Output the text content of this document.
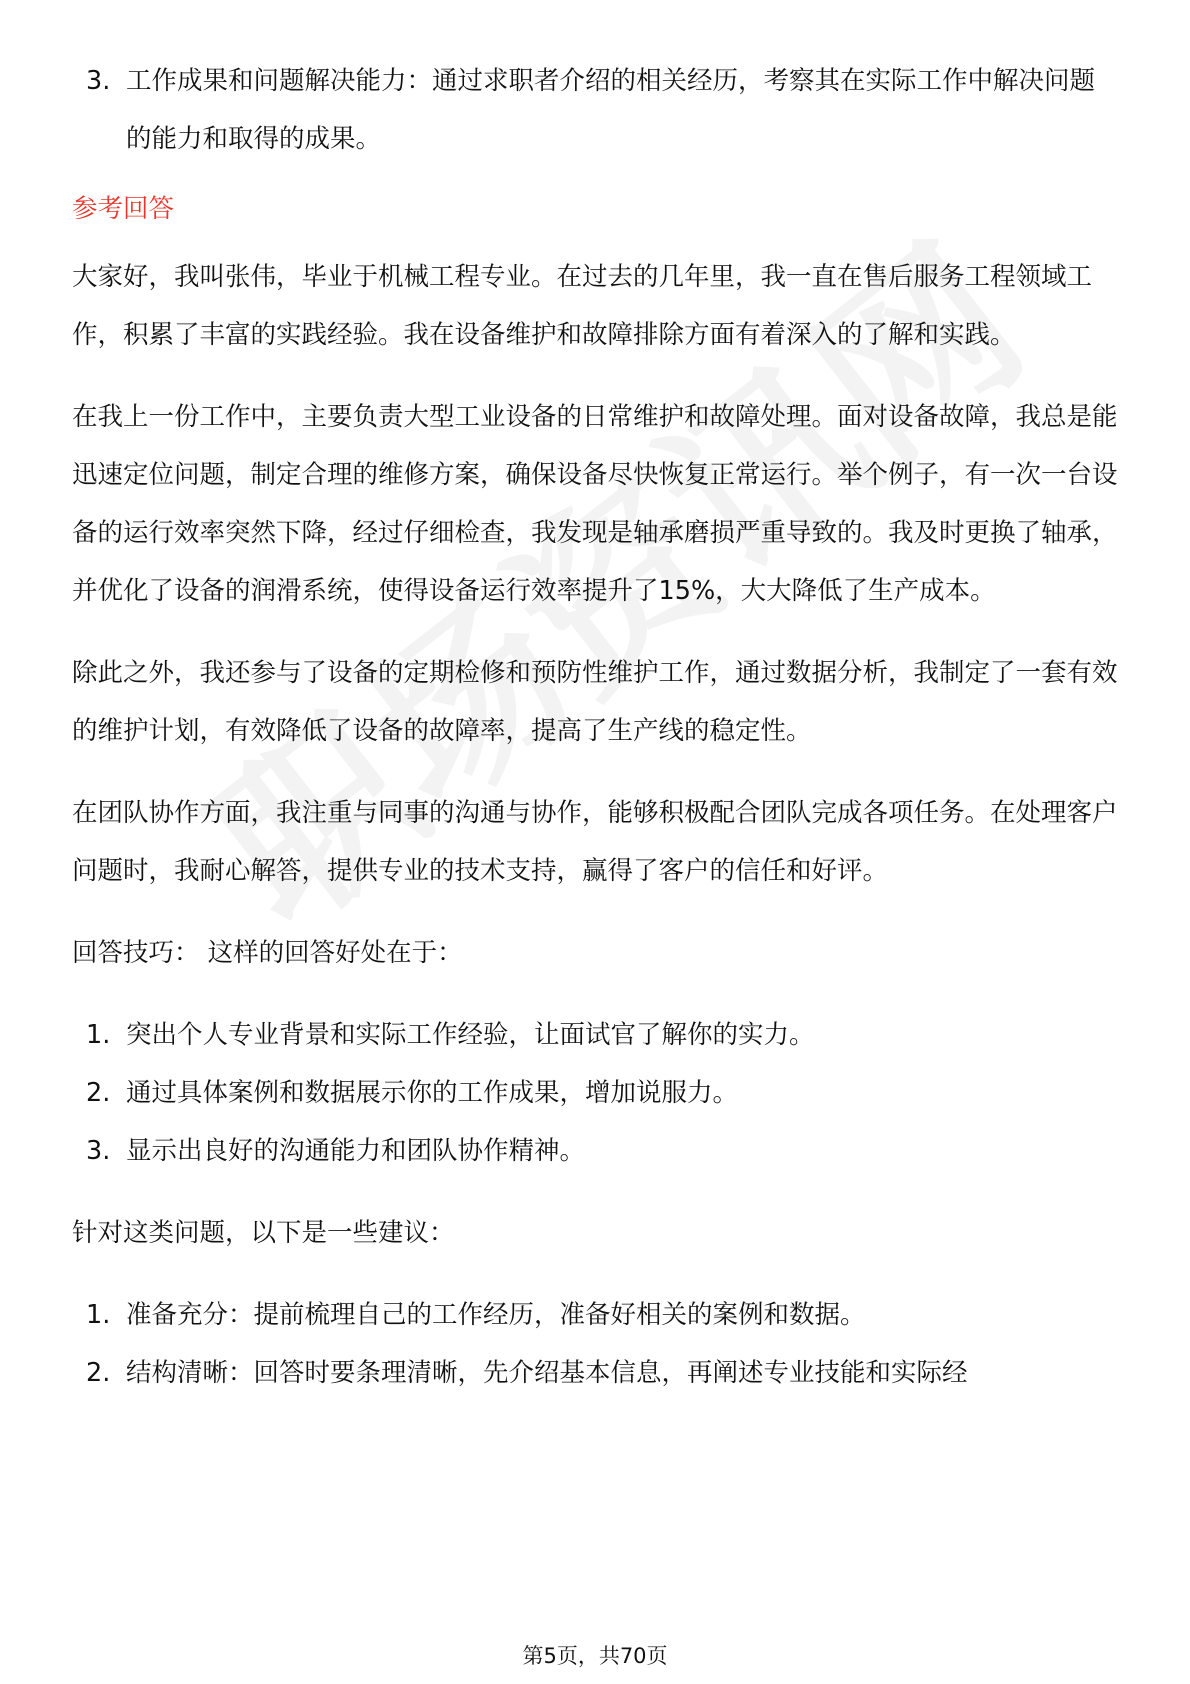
3. 工作成果和问题解决能力：通过求职者介绍的相关经历，考察其在实际工作中解决问题的能力和取得的成果。
参考回答

大家好，我叫张伟，毕业于机械工程专业。在过去的几年里，我一直在售后服务工程领域工作，积累了丰富的实践经验。我在设备维护和故障排除方面有着深入的了解和实践。

在我上一份工作中，主要负责大型工业设备的日常维护和故障处理。面对设备故障，我总是能迅速定位问题，制定合理的维修方案，确保设备尽快恢复正常运行。举个例子，有一次一台设备的运行效率突然下降，经过仔细检查，我发现是轴承磨损严重导致的。我及时更换了轴承，并优化了设备的润滑系统，使得设备运行效率提升了15%，大大降低了生产成本。

除此之外，我还参与了设备的定期检修和预防性维护工作，通过数据分析，我制定了一套有效的维护计划，有效降低了设备的故障率，提高了生产线的稳定性。

在团队协作方面，我注重与同事的沟通与协作，能够积极配合团队完成各项任务。在处理客户问题时，我耐心解答，提供专业的技术支持，赢得了客户的信任和好评。

回答技巧： 这样的回答好处在于：

1. 突出个人专业背景和实际工作经验，让面试官了解你的实力。
2. 通过具体案例和数据展示你的工作成果，增加说服力。
3. 显示出良好的沟通能力和团队协作精神。

针对这类问题，以下是一些建议：

1. 准备充分：提前梳理自己的工作经历，准备好相关的案例和数据。
2. 结构清晰：回答时要条理清晰，先介绍基本信息，再阐述专业技能和实际经
第5页，共70页
